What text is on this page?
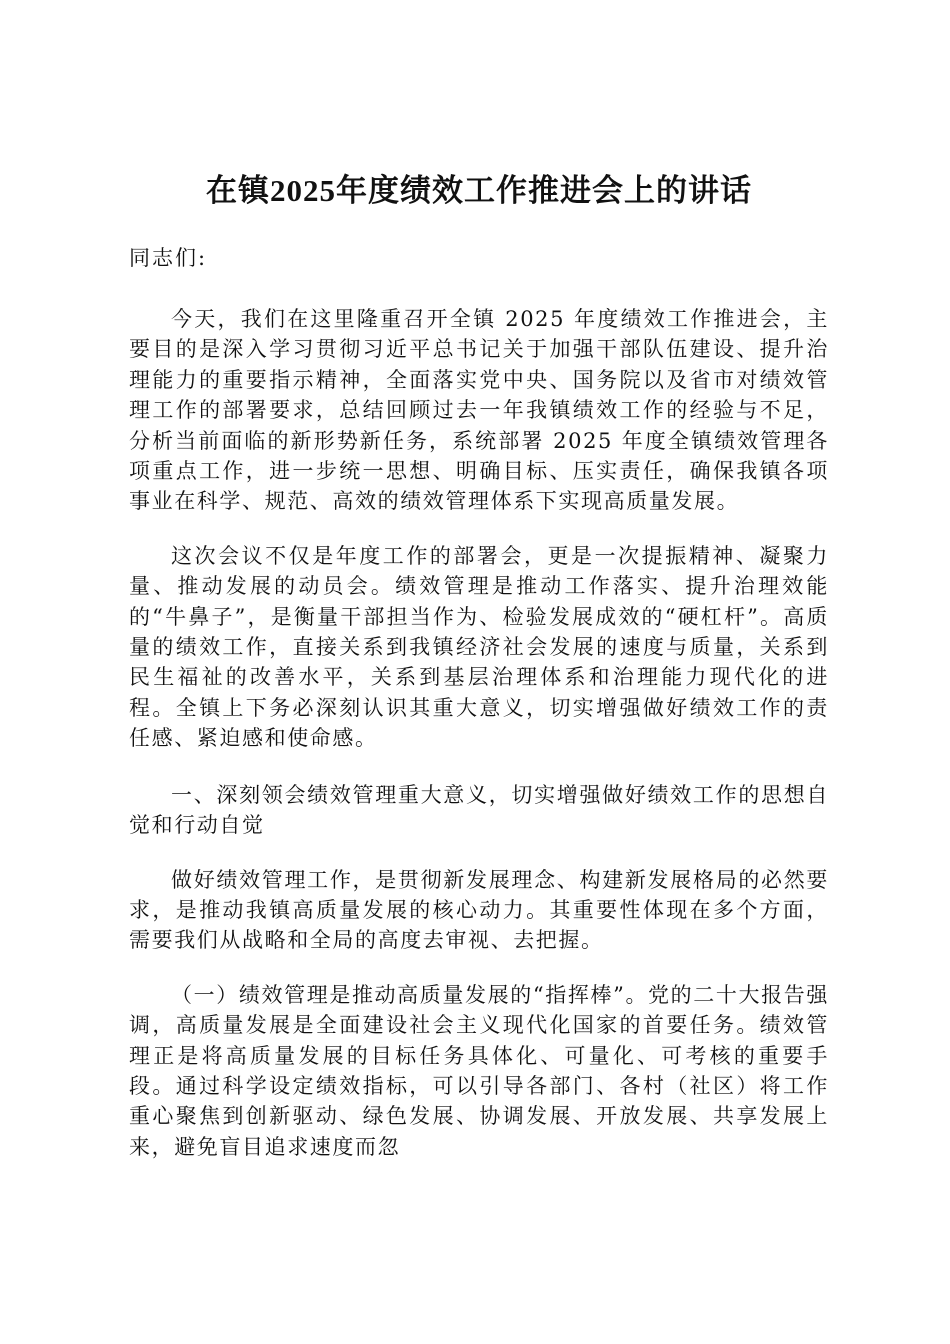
在镇2025年度绩效工作推进会上的讲话
同志们:

今天，我们在这里隆重召开全镇 2025 年度绩效工作推进会，主要目的是深入学习贯彻习近平总书记关于加强干部队伍建设、提升治理能力的重要指示精神，全面落实党中央、国务院以及省市对绩效管理工作的部署要求，总结回顾过去一年我镇绩效工作的经验与不足，分析当前面临的新形势新任务，系统部署 2025 年度全镇绩效管理各项重点工作，进一步统一思想、明确目标、压实责任，确保我镇各项事业在科学、规范、高效的绩效管理体系下实现高质量发展。

这次会议不仅是年度工作的部署会，更是一次提振精神、凝聚力量、推动发展的动员会。绩效管理是推动工作落实、提升治理效能的“牛鼻子”，是衡量干部担当作为、检验发展成效的“硬杠杆”。高质量的绩效工作，直接关系到我镇经济社会发展的速度与质量，关系到民生福祉的改善水平，关系到基层治理体系和治理能力现代化的进程。全镇上下务必深刻认识其重大意义，切实增强做好绩效工作的责任感、紧迫感和使命感。

一、深刻领会绩效管理重大意义，切实增强做好绩效工作的思想自觉和行动自觉

做好绩效管理工作，是贯彻新发展理念、构建新发展格局的必然要求，是推动我镇高质量发展的核心动力。其重要性体现在多个方面，需要我们从战略和全局的高度去审视、去把握。

（一）绩效管理是推动高质量发展的“指挥棒”。党的二十大报告强调，高质量发展是全面建设社会主义现代化国家的首要任务。绩效管理正是将高质量发展的目标任务具体化、可量化、可考核的重要手段。通过科学设定绩效指标，可以引导各部门、各村（社区）将工作重心聚焦到创新驱动、绿色发展、协调发展、开放发展、共享发展上来，避免盲目追求速度而忽
